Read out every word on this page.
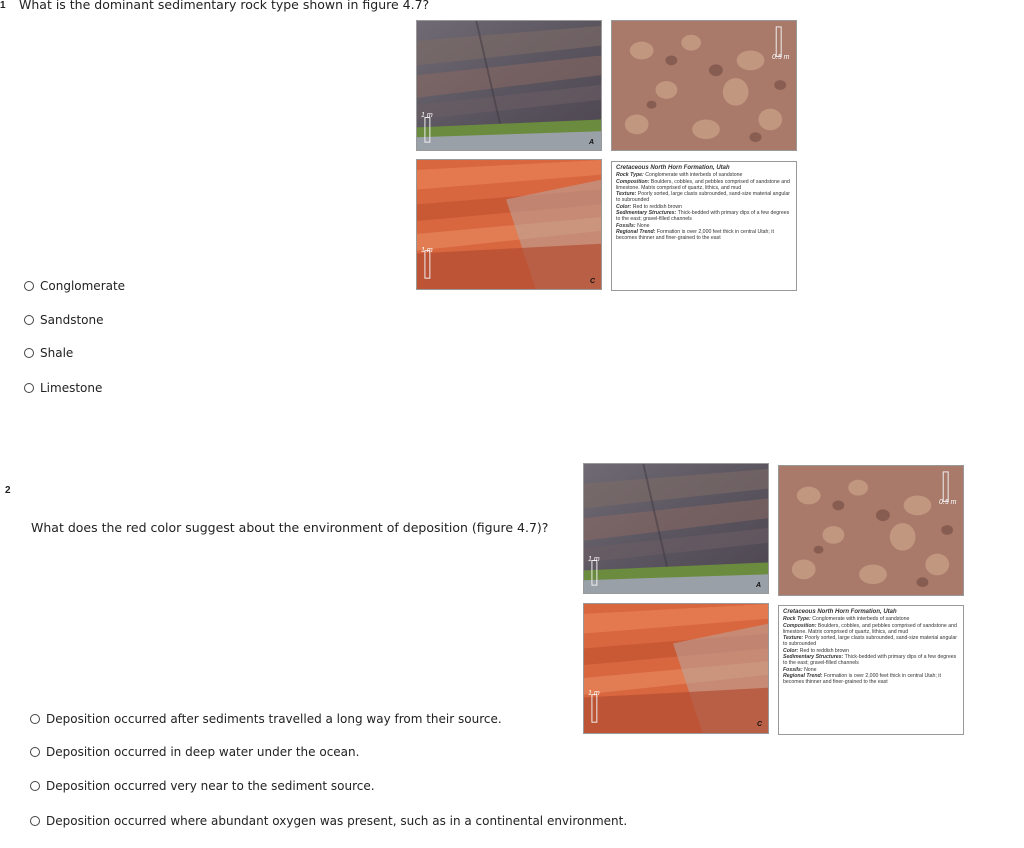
1 What is the dominant sedimentary rock type shown in figure 4.7?
1 m
A
0.5 m
1 m
C
Cretaceous North Horn Formation, Utah

Rock Type: Conglomerate with interbeds of sandstone

Composition: Boulders, cobbles, and pebbles comprised of sandstone and limestone. Matrix comprised of quartz, lithics, and mud

Texture: Poorly sorted, large clasts subrounded, sand-size material angular to subrounded

Color: Red to reddish brown

Sedimentary Structures: Thick-bedded with primary dips of a few degrees to the east; gravel-filled channels

Fossils: None

Regional Trend: Formation is over 2,000 feet thick in central Utah; it becomes thinner and finer-grained to the east

Conglomerate
Sandstone
Shale
Limestone
2
What does the red color suggest about the environment of deposition (figure 4.7)?
1 m
A
0.5 m
1 m
C
Cretaceous North Horn Formation, Utah

Rock Type: Conglomerate with interbeds of sandstone

Composition: Boulders, cobbles, and pebbles comprised of sandstone and limestone. Matrix comprised of quartz, lithics, and mud

Texture: Poorly sorted, large clasts subrounded, sand-size material angular to subrounded

Color: Red to reddish brown

Sedimentary Structures: Thick-bedded with primary dips of a few degrees to the east; gravel-filled channels

Fossils: None

Regional Trend: Formation is over 2,000 feet thick in central Utah; it becomes thinner and finer-grained to the east

Deposition occurred after sediments travelled a long way from their source.
Deposition occurred in deep water under the ocean.
Deposition occurred very near to the sediment source.
Deposition occurred where abundant oxygen was present, such as in a continental environment.
